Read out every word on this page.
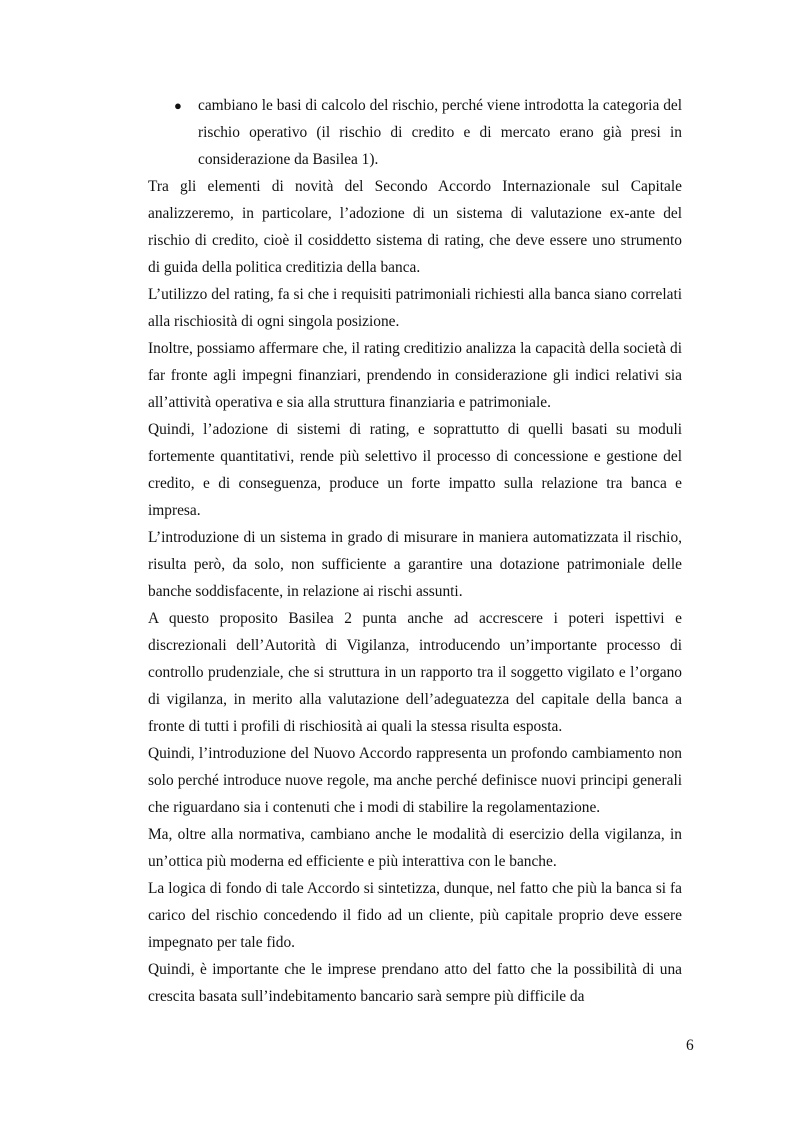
● cambiano le basi di calcolo del rischio, perché viene introdotta la categoria del rischio operativo (il rischio di credito e di mercato erano già presi in considerazione da Basilea 1).
Tra gli elementi di novità del Secondo Accordo Internazionale sul Capitale analizzeremo, in particolare, l’adozione di un sistema di valutazione ex-ante del rischio di credito, cioè il cosiddetto sistema di rating, che deve essere uno strumento di guida della politica creditizia della banca.
L’utilizzo del rating, fa si che i requisiti patrimoniali richiesti alla banca siano correlati alla rischiosità di ogni singola posizione.
Inoltre, possiamo affermare che, il rating creditizio analizza la capacità della società di far fronte agli impegni finanziari, prendendo in considerazione gli indici relativi sia all’attività operativa e sia alla struttura finanziaria e patrimoniale.
Quindi, l’adozione di sistemi di rating, e soprattutto di quelli basati su moduli fortemente quantitativi, rende più selettivo il processo di concessione e gestione del credito, e di conseguenza, produce un forte impatto sulla relazione tra banca e impresa.
L’introduzione di un sistema in grado di misurare in maniera automatizzata il rischio, risulta però, da solo, non sufficiente a garantire una dotazione patrimoniale delle banche soddisfacente, in relazione ai rischi assunti.
A questo proposito Basilea 2 punta anche ad accrescere i poteri ispettivi e discrezionali dell’Autorità di Vigilanza, introducendo un’importante processo di controllo prudenziale, che si struttura in un rapporto tra il soggetto vigilato e l’organo di vigilanza, in merito alla valutazione dell’adeguatezza del capitale della banca a fronte di tutti i profili di rischiosità ai quali la stessa risulta esposta.
Quindi, l’introduzione del Nuovo Accordo rappresenta un profondo cambiamento non solo perché introduce nuove regole, ma anche perché definisce nuovi principi generali che riguardano sia i contenuti che i modi di stabilire la regolamentazione.
Ma, oltre alla normativa, cambiano anche le modalità di esercizio della vigilanza, in un’ottica più moderna ed efficiente e più interattiva con le banche.
La logica di fondo di tale Accordo si sintetizza, dunque, nel fatto che più la banca si fa carico del rischio concedendo il fido ad un cliente, più capitale proprio deve essere impegnato per tale fido.
Quindi, è importante che le imprese prendano atto del fatto che la possibilità di una crescita basata sull’indebitamento bancario sarà sempre più difficile da
6
